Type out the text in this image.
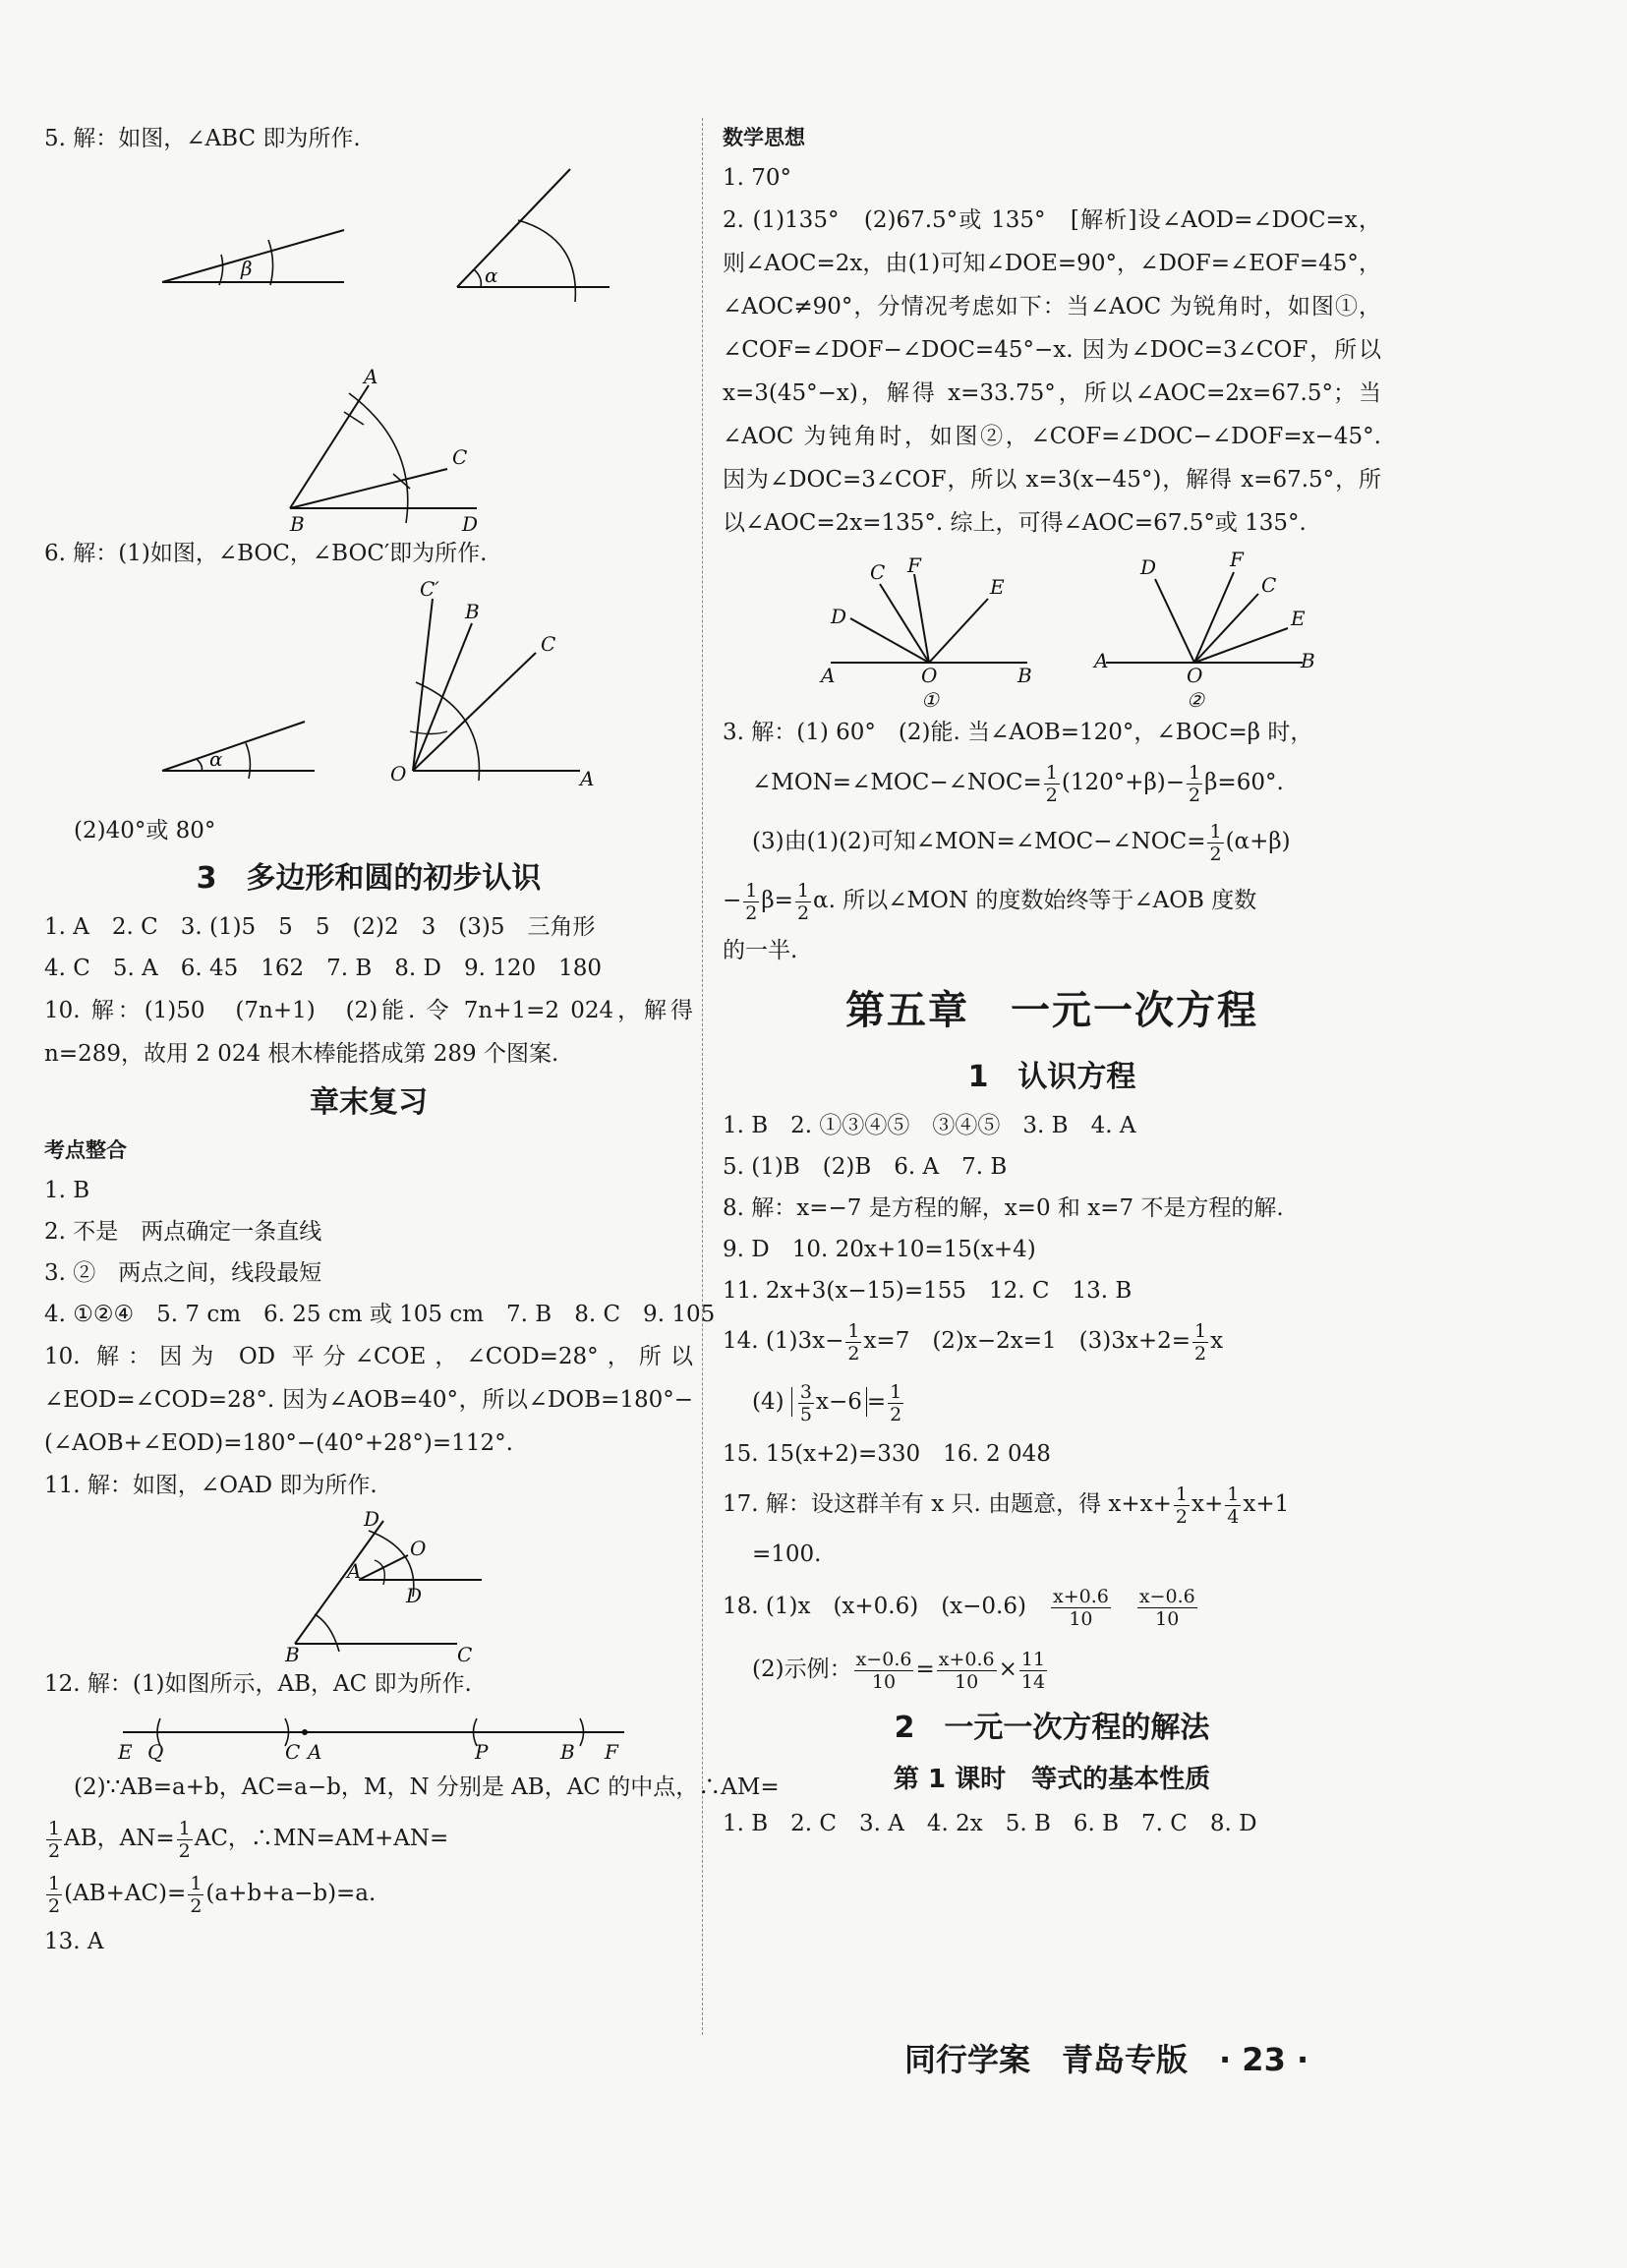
5. 解：如图，∠ABC 即为所作.
β	α
A
C
B	D
6. 解：(1)如图，∠BOC，∠BOC′即为所作.
α
C′
B
C
O	A
(2)40°或 80°
3　多边形和圆的初步认识
1. A　2. C　3. (1)5　5　5　(2)2　3　(3)5　三角形
4. C　5. A　6. 45　162　7. B　8. D　9. 120　180
10. 解：(1)50　(7n+1)　(2)能. 令 7n+1=2 024，解得 n=289，故用 2 024 根木棒能搭成第 289 个图案.
章末复习
考点整合
1. B
2. 不是　两点确定一条直线
3. ②　两点之间，线段最短
4. ①②④　5. 7 cm　6. 25 cm 或 105 cm　7. B　8. C　9. 105
10. 解：因为 OD 平分∠COE，∠COD=28°，所以∠EOD=∠COD=28°. 因为∠AOB=40°，所以∠DOB=180°−(∠AOB+∠EOD)=180°−(40°+28°)=112°.
11. 解：如图，∠OAD 即为所作.
D
O
A
D
B	C
12. 解：(1)如图所示，AB，AC 即为所作.
E Q	C A	P	B F
(2)∵AB=a+b，AC=a−b，M，N 分别是 AB，AC 的中点，∴AM=
$\frac{1}{2}$ AB，$AN= \frac{1}{2}$ AC，∴MN=AM+AN=
$\frac{1}{2} (AB+AC)= \frac{1}{2} (a+b+a-b)=a$.
13. A
数学思想
1. 70°
2. (1)135°　(2)67.5°或 135°　[解析]设∠AOD=∠DOC=x，则∠AOC=2x，由(1)可知∠DOE=90°，∠DOF=∠EOF=45°，∠AOC≠90°，分情况考虑如下：当∠AOC 为锐角时，如图①，∠COF=∠DOF−∠DOC=45°−x. 因为∠DOC=3∠COF，所以 x=3(45°−x)，解得 x=33.75°，所以∠AOC=2x=67.5°；当∠AOC 为钝角时，如图②，∠COF=∠DOC−∠DOF=x−45°. 因为∠DOC=3∠COF，所以 x=3(x−45°)，解得 x=67.5°，所以∠AOC=2x=135°. 综上，可得∠AOC=67.5°或 135°.
A	O	B
D
C F
E
①
A
O
B
D	F
C
E
②
3. 解：(1) 60°　(2)能. 当∠AOB=120°，∠BOC=β 时，
∠MON=∠MOC−∠NOC= $\frac{1}{2} (120^\circ+\beta)- \frac{1}{2} \beta=60^\circ$.
(3)由(1)(2)可知∠MON=∠MOC−∠NOC= $\frac{1}{2} (\alpha+\beta)$
− $\frac{1}{2} \beta= \frac{1}{2} \alpha$. 所以∠MON 的度数始终等于∠AOB 度数
的一半.
第五章　一元一次方程
1　认识方程
1. B　2. ①③④⑤　③④⑤　3. B　4. A
5. (1)B　(2)B　6. A　7. B
8. 解：x=−7 是方程的解，x=0 和 x=7 不是方程的解.
9. D　10. 20x+10=15(x+4)
11. 2x+3(x−15)=155　12. C　13. B
14. $(1)3x- \frac{1}{2} x=7$　(2)x−2x=1　$(3)3x+2= \frac{1}{2}$ x
$(4) \frac{3}{5} x-6 = \frac{1}{2}$
15. 15(x+2)=330　16. 2 048
17. 解：设这群羊有 x 只. 由题意，得 $x+x+ \frac{1}{2} x+ \frac{1}{4} x+1$
=100.
18. (1)x　(x+0.6)　(x−0.6)　 $\frac{x+0.6}{10}$
　 $\frac{x-0.6}{10}$
(2)示例： $\frac{x-0.6}{10} = \frac{x+0.6}{10} \times \frac{11}{14}$
2　一元一次方程的解法
第 1 课时　等式的基本性质
1. B　2. C　3. A　4. 2x　5. B　6. B　7. C　8. D
同行学案　青岛专版　· 23 ·
